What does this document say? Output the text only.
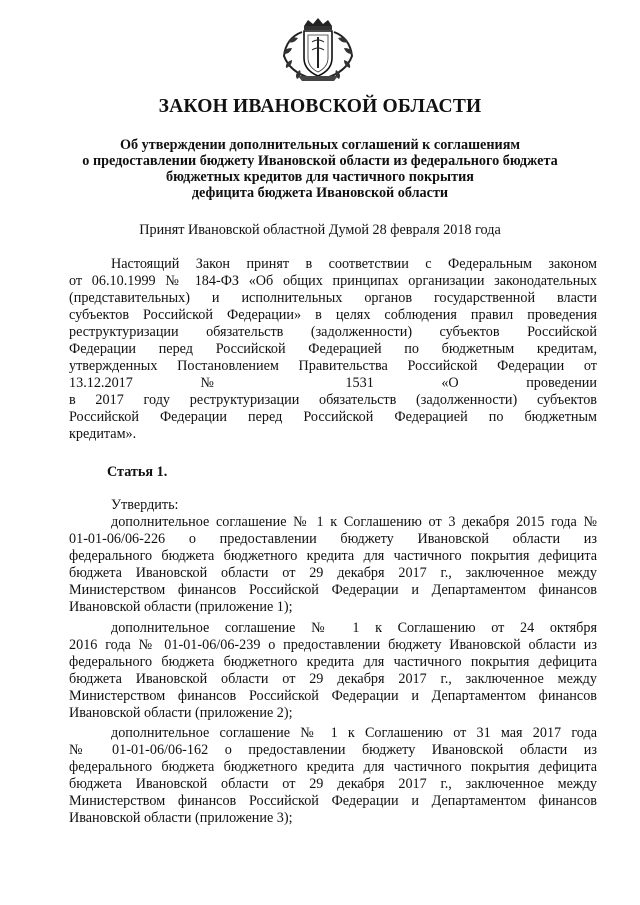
ЗАКОН ИВАНОВСКОЙ ОБЛАСТИ
Об утверждении дополнительных соглашений к соглашениям
о предоставлении бюджету Ивановской области из федерального бюджета
бюджетных кредитов для частичного покрытия
дефицита бюджета Ивановской области
Принят Ивановской областной Думой 28 февраля 2018 года
Настоящий Закон принят в соответствии с Федеральным законом
от 06.10.1999 № 184-ФЗ «Об общих принципах организации законодательных
(представительных) и исполнительных органов государственной власти
субъектов Российской Федерации» в целях соблюдения правил проведения
реструктуризации обязательств (задолженности) субъектов Российской
Федерации перед Российской Федерацией по бюджетным кредитам,
утвержденных Постановлением Правительства Российской Федерации от
13.12.2017 № 1531 «О проведении
в 2017 году реструктуризации обязательств (задолженности) субъектов
Российской Федерации перед Российской Федерацией по бюджетным
кредитам».
Статья 1.
Утвердить:
дополнительное соглашение № 1 к Соглашению от 3 декабря 2015 года №
01-01-06/06-226 о предоставлении бюджету Ивановской области из
федерального бюджета бюджетного кредита для частичного покрытия дефицита
бюджета Ивановской области от 29 декабря 2017 г., заключенное между
Министерством финансов Российской Федерации и Департаментом финансов
Ивановской области (приложение 1);
дополнительное соглашение № 1 к Соглашению от 24 октября
2016 года № 01-01-06/06-239 о предоставлении бюджету Ивановской области из
федерального бюджета бюджетного кредита для частичного покрытия дефицита
бюджета Ивановской области от 29 декабря 2017 г., заключенное между
Министерством финансов Российской Федерации и Департаментом финансов
Ивановской области (приложение 2);
дополнительное соглашение № 1 к Соглашению от 31 мая 2017 года
№ 01-01-06/06-162 о предоставлении бюджету Ивановской области из
федерального бюджета бюджетного кредита для частичного покрытия дефицита
бюджета Ивановской области от 29 декабря 2017 г., заключенное между
Министерством финансов Российской Федерации и Департаментом финансов
Ивановской области (приложение 3);
